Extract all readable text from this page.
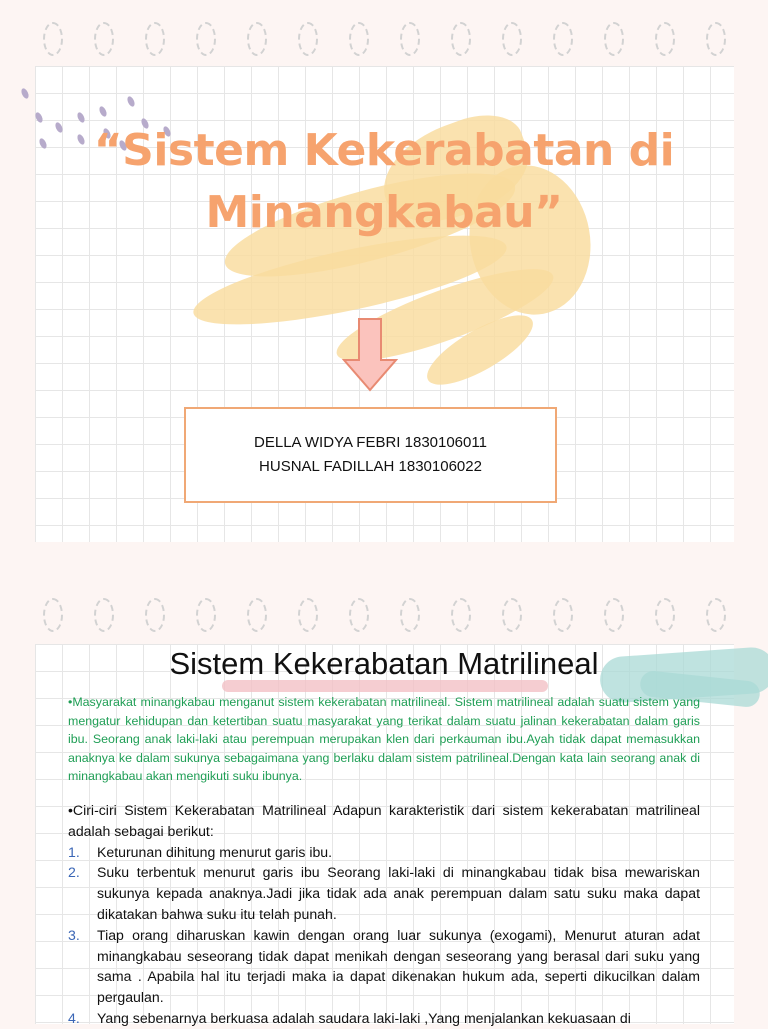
“Sistem Kekerabatan di
Minangkabau”
DELLA WIDYA FEBRI 1830106011
HUSNAL FADILLAH 1830106022
Sistem Kekerabatan Matrilineal
•Masyarakat minangkabau menganut sistem kekerabatan matrilineal. Sistem matrilineal adalah suatu sistem yang mengatur kehidupan dan ketertiban suatu masyarakat yang terikat dalam suatu jalinan kekerabatan dalam garis ibu. Seorang anak laki-laki atau perempuan merupakan klen dari perkauman ibu.Ayah tidak dapat memasukkan anaknya ke dalam sukunya sebagaimana yang berlaku dalam sistem patrilineal.Dengan kata lain seorang anak di minangkabau akan mengikuti suku ibunya.
•Ciri-ciri Sistem Kekerabatan Matrilineal Adapun karakteristik dari sistem kekerabatan matrilineal adalah sebagai berikut:
1. Keturunan dihitung menurut garis ibu.
2. Suku terbentuk menurut garis ibu Seorang laki-laki di minangkabau tidak bisa mewariskan sukunya kepada anaknya.Jadi jika tidak ada anak perempuan dalam satu suku maka dapat dikatakan bahwa suku itu telah punah.
3. Tiap orang diharuskan kawin dengan orang luar sukunya (exogami), Menurut aturan adat minangkabau seseorang tidak dapat menikah dengan seseorang yang berasal dari suku yang sama . Apabila hal itu terjadi maka ia dapat dikenakan hukum ada, seperti dikucilkan dalam pergaulan.
4. Yang sebenarnya berkuasa adalah saudara laki-laki ,Yang menjalankan kekuasaan di
